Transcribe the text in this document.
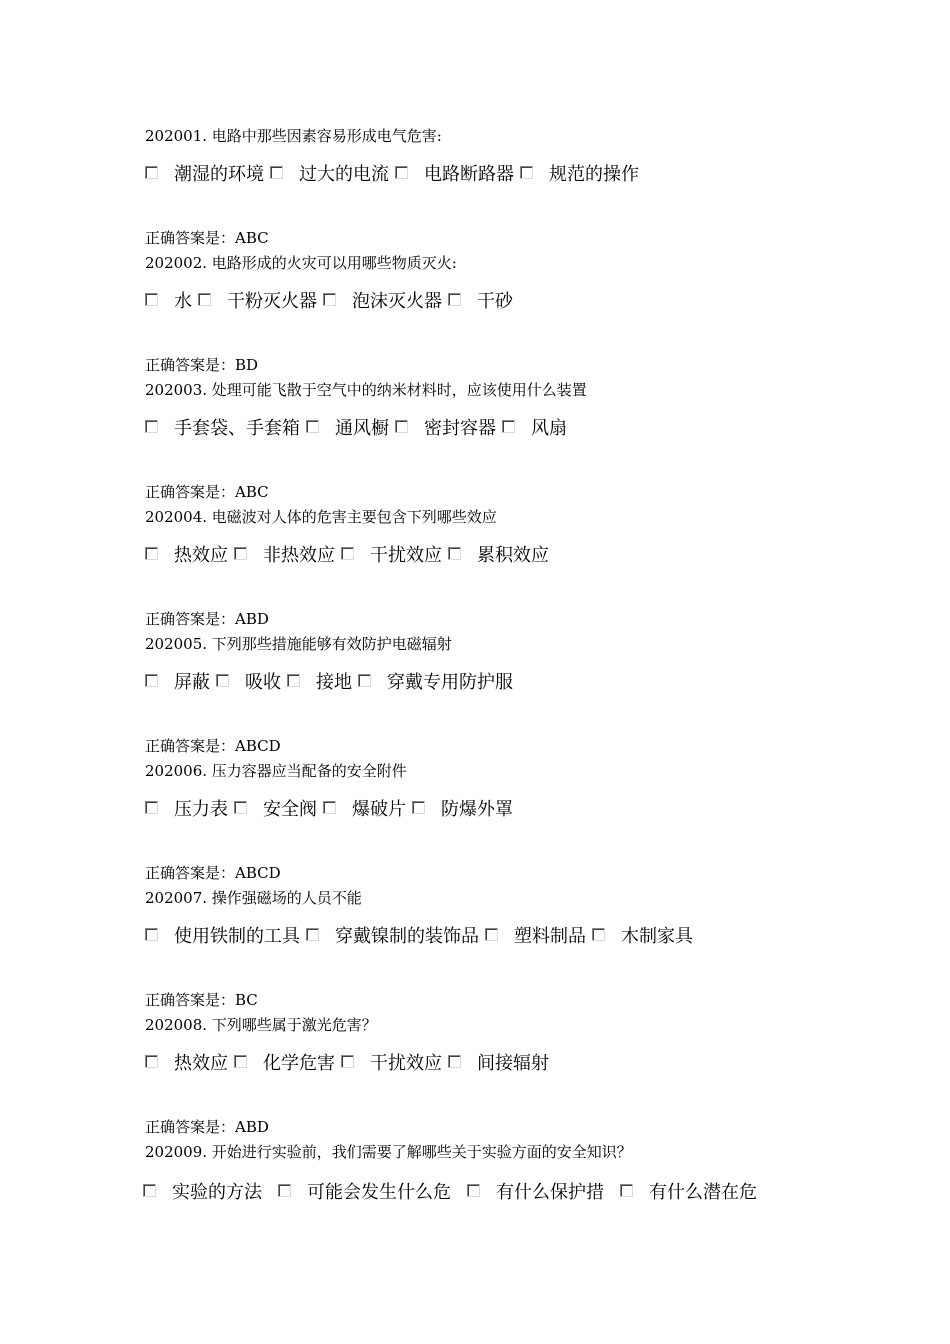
202001. 电路中那些因素容易形成电气危害:
潮湿的环境 过大的电流 电路断路器 规范的操作
正确答案是：ABC
202002. 电路形成的火灾可以用哪些物质灭火:
水 干粉灭火器 泡沫灭火器 干砂
正确答案是：BD
202003. 处理可能飞散于空气中的纳米材料时，应该使用什么装置
手套袋、手套箱 通风橱 密封容器 风扇
正确答案是：ABC
202004. 电磁波对人体的危害主要包含下列哪些效应
热效应 非热效应 干扰效应 累积效应
正确答案是：ABD
202005. 下列那些措施能够有效防护电磁辐射
屏蔽 吸收 接地 穿戴专用防护服
正确答案是：ABCD
202006. 压力容器应当配备的安全附件
压力表 安全阀 爆破片 防爆外罩
正确答案是：ABCD
202007. 操作强磁场的人员不能
使用铁制的工具 穿戴镍制的装饰品 塑料制品 木制家具
正确答案是：BC
202008. 下列哪些属于激光危害？
热效应 化学危害 干扰效应 间接辐射
正确答案是：ABD
202009. 开始进行实验前，我们需要了解哪些关于实验方面的安全知识？
实验的方法	可能会发生什么危	有什么保护措	有什么潜在危
